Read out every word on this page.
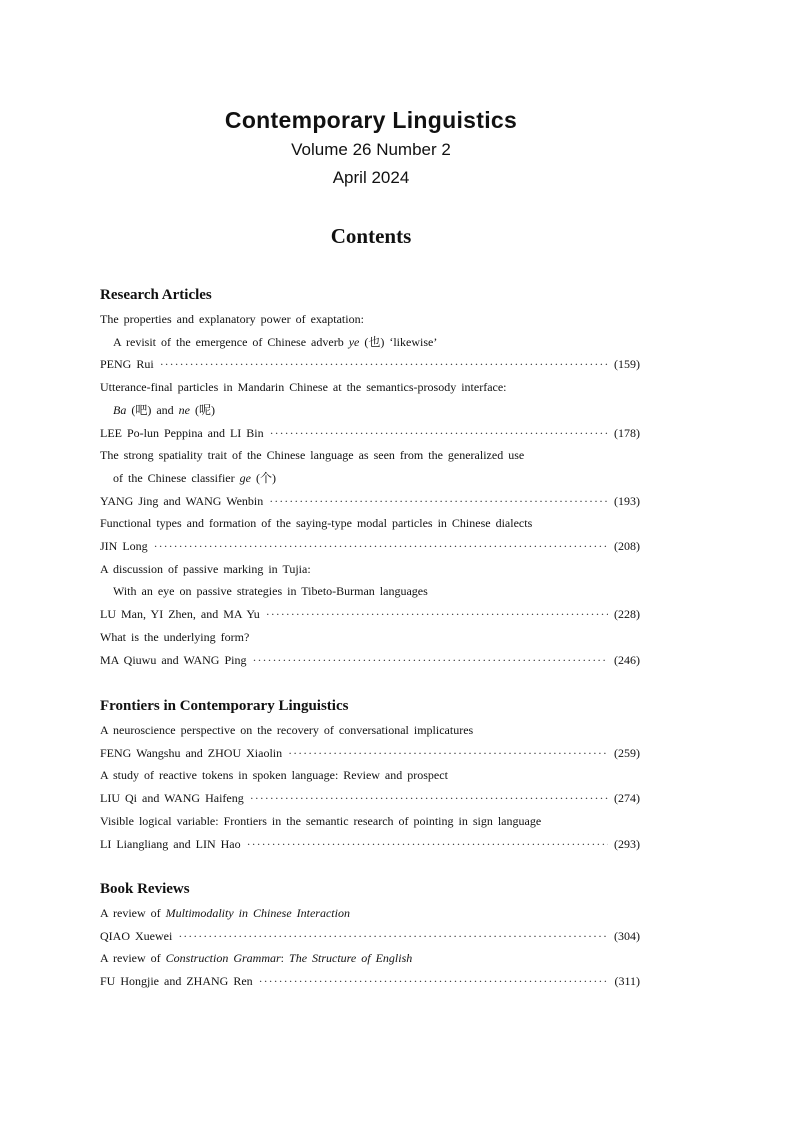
Contemporary Linguistics
Volume 26 Number 2
April 2024
Contents
Research Articles
The properties and explanatory power of exaptation:
A revisit of the emergence of Chinese adverb ye (也) ‘likewise’
PENG Rui ·····	(159)
Utterance-final particles in Mandarin Chinese at the semantics-prosody interface:
Ba (吧) and ne (呢)
LEE Po-lun Peppina and LI Bin ·····	(178)
The strong spatiality trait of the Chinese language as seen from the generalized use
of the Chinese classifier ge (个)
YANG Jing and WANG Wenbin ·····	(193)
Functional types and formation of the saying-type modal particles in Chinese dialects
JIN Long ·····	(208)
A discussion of passive marking in Tujia:
With an eye on passive strategies in Tibeto-Burman languages
LU Man, YI Zhen, and MA Yu ·····	(228)
What is the underlying form?
MA Qiuwu and WANG Ping ·····	(246)
Frontiers in Contemporary Linguistics
A neuroscience perspective on the recovery of conversational implicatures
FENG Wangshu and ZHOU Xiaolin ·····	(259)
A study of reactive tokens in spoken language: Review and prospect
LIU Qi and WANG Haifeng ·····	(274)
Visible logical variable: Frontiers in the semantic research of pointing in sign language
LI Liangliang and LIN Hao ·····	(293)
Book Reviews
A review of Multimodality in Chinese Interaction
QIAO Xuewei ·····	(304)
A review of Construction Grammar: The Structure of English
FU Hongjie and ZHANG Ren ·····	(311)
